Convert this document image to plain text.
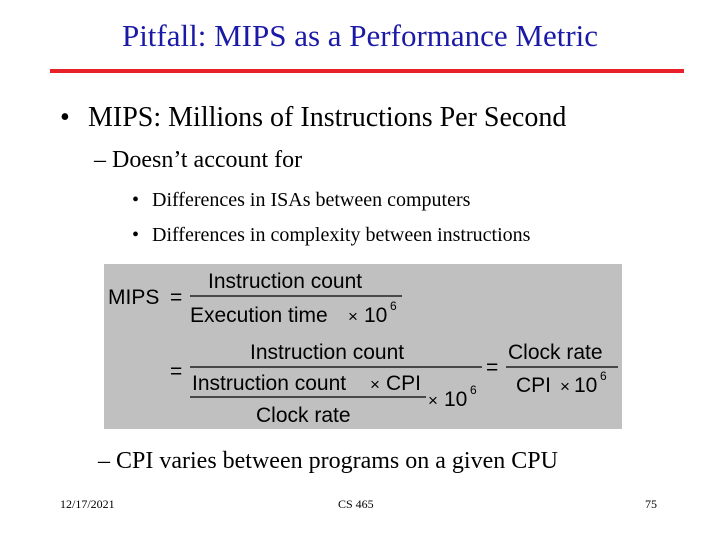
Pitfall: MIPS as a Performance Metric
• MIPS: Millions of Instructions Per Second
– Doesn’t account for
• Differences in ISAs between computers
• Differences in complexity between instructions
MIPS =
Instruction count
Execution time × 10 6
=
Instruction count
Instruction count × CPI
Clock rate
× 10 6
=
Clock rate
CPI × 10 6
– CPI varies between programs on a given CPU
12/17/2021	CS 465	75
